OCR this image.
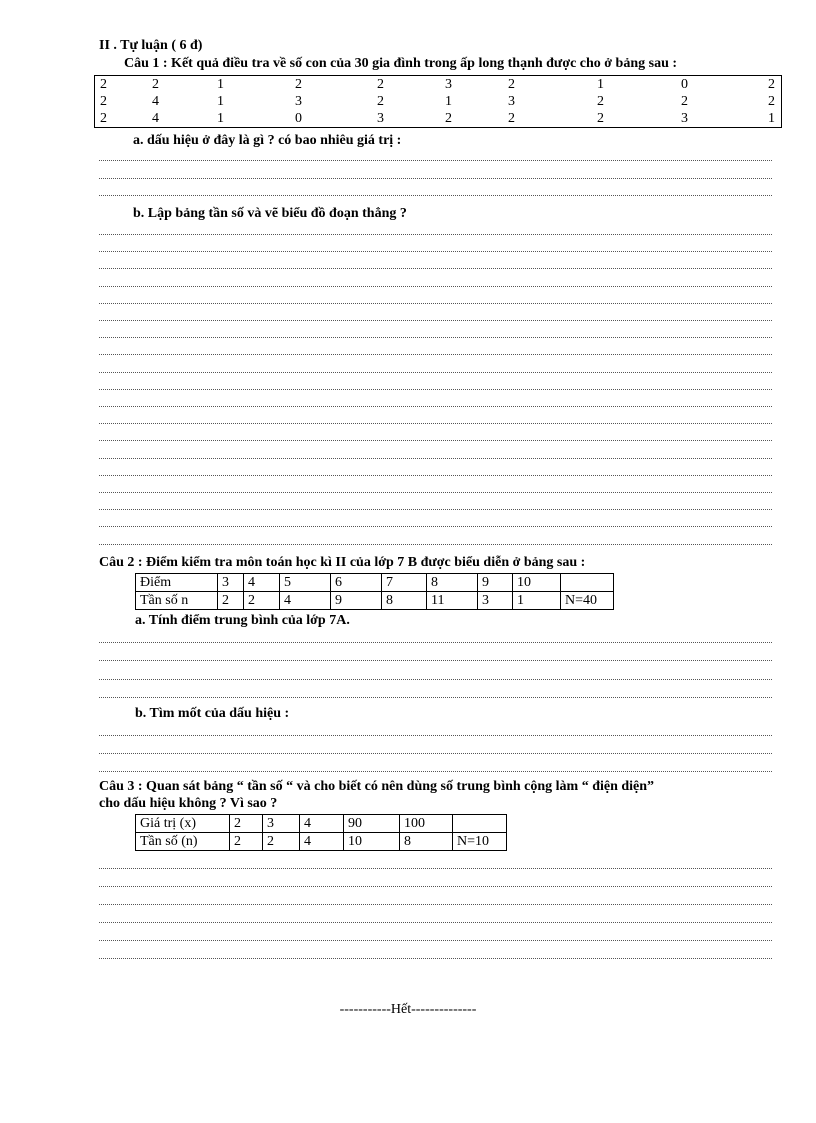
II . Tự luận ( 6 đ)
Câu 1 : Kết quả điều tra về số con của 30 gia đình trong ấp long thạnh được cho ở bảng sau :
2	2	1	2	2	3	2	1	0	2
2	4	1	3	2	1	3	2	2	2
2	4	1	0	3	2	2	2	3	1
a. dấu hiệu ở đây là gì ? có bao nhiêu giá trị :
b. Lập bảng tần số và vẽ biểu đồ đoạn thẳng ?
Câu 2 : Điểm kiểm tra môn toán học kì II của lớp 7 B được biểu diễn ở bảng sau :
Điểm	3	4	5	6	7	8	9	10	
Tần số n	2	2	4	9	8	11	3	1	N=40
a. Tính điểm trung bình của lớp 7A.
b. Tìm mốt của dấu hiệu :
Câu 3 : Quan sát bảng “ tần số “ và cho biết có nên dùng số trung bình cộng làm “ điện diện”
cho dấu hiệu không ? Vì sao ?
Giá trị (x)	2	3	4	90	100	
Tần số (n)	2	2	4	10	8	N=10
-----------Hết--------------
